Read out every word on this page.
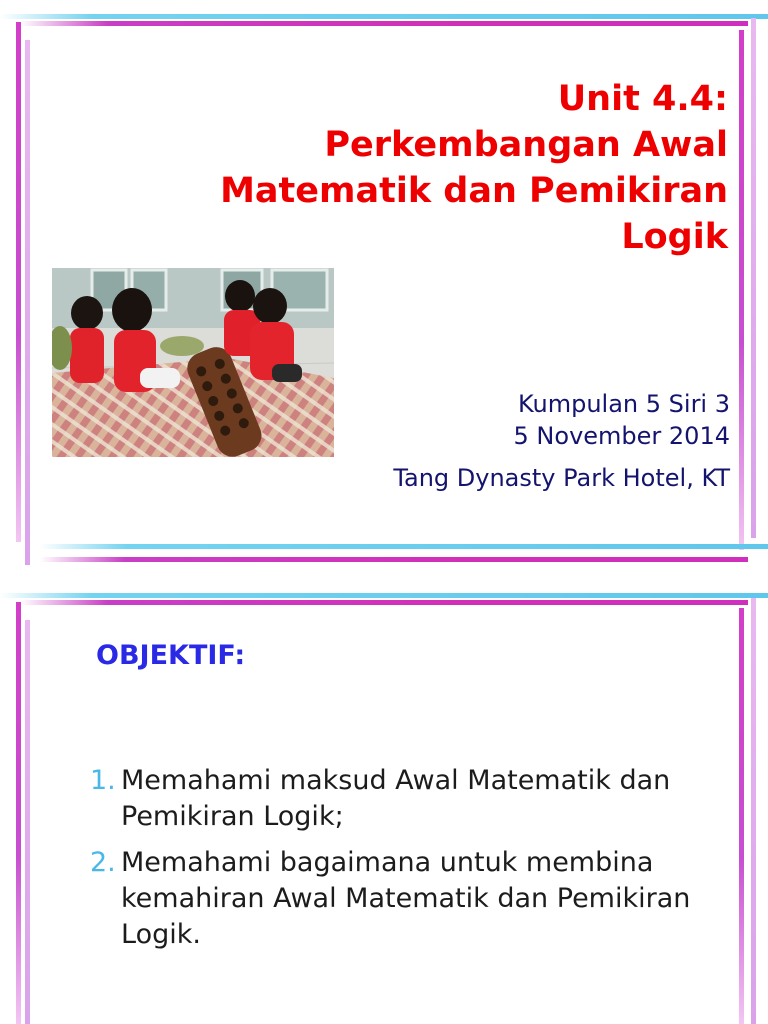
Unit 4.4:
Perkembangan Awal
Matematik dan Pemikiran
Logik
Kumpulan 5 Siri 3
5 November 2014
Tang Dynasty Park Hotel, KT
OBJEKTIF:
1. Memahami maksud Awal Matematik dan Pemikiran Logik;
2. Memahami bagaimana untuk membina kemahiran Awal Matematik dan Pemikiran Logik.
